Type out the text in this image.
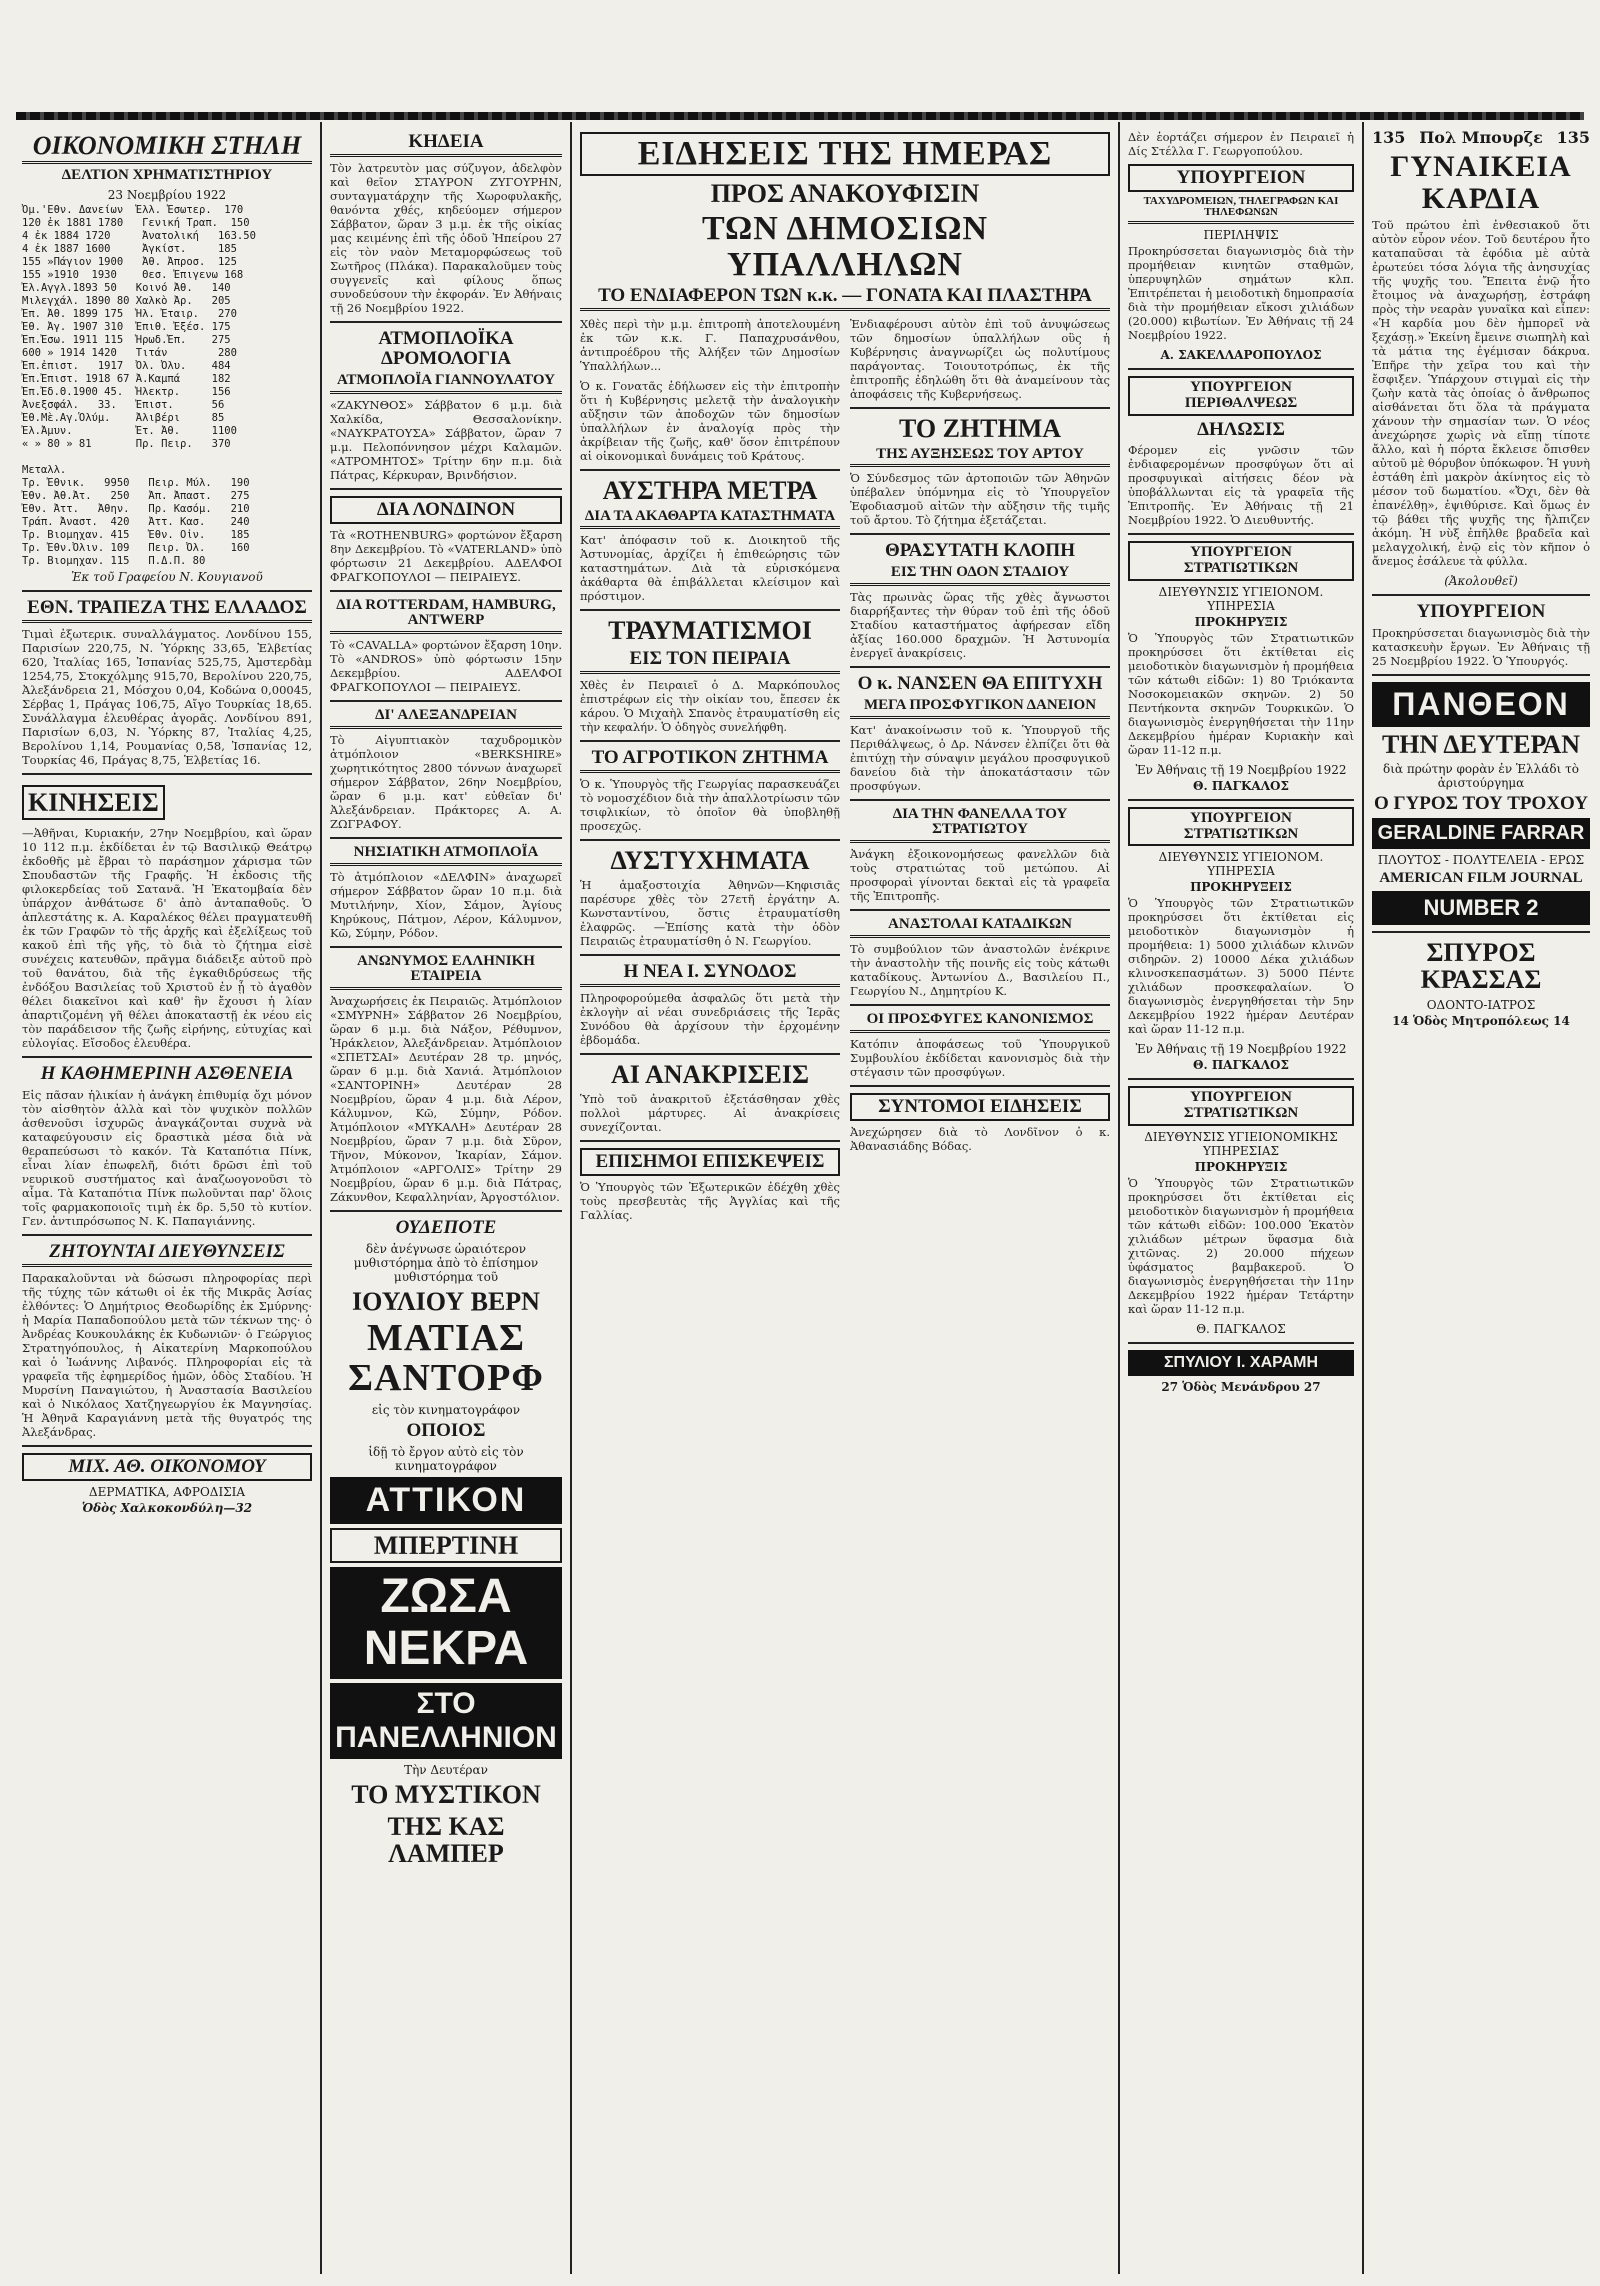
ΟΙΚΟΝΟΜΙΚΗ ΣΤΗΛΗ
ΔΕΛΤΙΟΝ ΧΡΗΜΑΤΙΣΤΗΡΙΟΥ
23 Νοεμβρίου 1922
Ὀμ.'Εθν. Δανείων  Ἑλλ. Ἐσωτερ.  170
120 ἐκ 1881 1780   Γενική Τραπ.  150
4 ἐκ 1884 1720     Ἀνατολική   163.50
4 ἐκ 1887 1600     Ἀγκίστ.     185
155 »Πάγιον 1900   Ἀθ. Ἀπροσ.  125
155 »1910  1930    Θεσ. Ἐπιγενω 168
Ἐλ.Αγγλ.1893 50   Κοινό Ἀθ.   140
Μιλεγχάλ. 1890 80 Χαλκὸ Ἀρ.   205
Ἐπ. Ἀθ. 1899 175  Ἡλ. Ἐταιρ.   270
Ἐθ. Ἀγ. 1907 310  Ἐπιθ. Ἐξέσ. 175
Ἐπ.Ἐσω. 1911 115  Ἡρωδ.Ἐπ.    275
600 » 1914 1420   Τιτάν        280
Ἐπ.ἐπιστ.   1917  Ὀλ. Ὀλυ.    484
Ἐπ.Ἐπιστ. 1918 67 Ἀ.Καμπά     182
Ἐπ.Ἐδ.Θ.1900 45.  Ἡλεκτρ.     156
Ἀνεξσφάλ.   33.   Ἐπιστ.      56
Ἐθ.Μὲ.Αγ.Ὁλύμ.    Ἀλιβέρι     85
Ἐλ.Ἀμυν.          Ἐτ. Ἀθ.     1100
« » 80 » 81       Πρ. Πειρ.   370

Μεταλλ.
Τρ. Ἐθνικ.   9950   Πειρ. Μύλ.   190
Ἐθν. Ἀθ.Ἀτ.   250   Ἀπ. Ἀπαστ.   275
Ἐθν. Ἀττ.   Ἀθην.   Πρ. Κασόμ.   210
Τράπ. Ἀναστ.  420   Ἀττ. Κασ.    240
Τρ. Βιομηχαν. 415   Ἐθν. Οἰν.    185
Τρ. Ἐθν.Ὀλιν. 109   Πειρ. Ὀλ.    160
Τρ. Βιομηχαν. 115   Π.Δ.Π. 80
Ἐκ τοῦ Γραφείου Ν. Κουγιανοῦ
ΕΘΝ. ΤΡΑΠΕΖΑ ΤΗΣ ΕΛΛΑΔΟΣ
Τιμαὶ ἐξωτερικ. συναλλάγματος. Λονδίνου 155, Παρισίων 220,75, Ν. Ὑόρκης 33,65, Ἑλβετίας 620, Ἰταλίας 165, Ἰσπανίας 525,75, Ἀμστερδὰμ 1254,75, Στοκχόλμης 915,70, Βερολίνου 220,75, Ἀλεξάνδρεια 21, Μόσχου 0,04, Κοδώνα 0,00045, Σέρβας 1, Πράγας 106,75, Αἴγο Τουρκίας 18,65. Συνάλλαγμα ἐλευθέρας ἀγορᾶς. Λονδίνου 891, Παρισίων 6,03, Ν. Ὑόρκης 87, Ἰταλίας 4,25, Βερολίνου 1,14, Ρουμανίας 0,58, Ἰσπανίας 12, Τουρκίας 46, Πράγας 8,75, Ἑλβετίας 16.
ΚΙΝΗΣΕΙΣ
—Ἀθῆναι, Κυριακήν, 27ην Νοεμβρίου, καὶ ὥραν 10 112 π.μ. ἐκδίδεται ἐν τῷ Βασιλικῷ Θεάτρῳ ἐκδοθῆς μὲ ἔβραι τὸ παράσημον χάρισμα τῶν Σπουδαστῶν τῆς Γραφῆς. Ἡ ἐκδοσις τῆς φιλοκερδείας τοῦ Σατανᾶ. Ἡ Ἐκατομβαία δὲν ὑπάρχον ἀνθάτωσε δ' ἀπὸ ἀνταπαθοῦς. Ὁ ἁπλεστάτης κ. Α. Καραλέκος θέλει πραγματευθῆ ἐκ τῶν Γραφῶν τὸ τῆς ἀρχῆς καὶ ἐξελίξεως τοῦ κακοῦ ἐπὶ τῆς γῆς, τὸ διὰ τὸ ζήτημα εἰσὲ συνέχεις κατευθῶν, πρᾶγμα διάδειξε αὐτοῦ πρὸ τοῦ θανάτου, διὰ τῆς ἐγκαθιδρύσεως τῆς ἐνδόξου Βασιλείας τοῦ Χριστοῦ ἐν ᾗ τὸ ἀγαθὸν θέλει διακεῖνοι καὶ καθ' ἣν ἔχουσι ἡ λίαν ἀπαρτιζομένη γῆ θέλει ἀποκαταστῇ ἐκ νέου εἰς τὸν παράδεισον τῆς ζωῆς εἰρήνης, εὐτυχίας καὶ εὐλογίας. Εἴσοδος ἐλευθέρα.
Η ΚΑΘΗΜΕΡΙΝΗ ΑΣΘΕΝΕΙΑ
Εἰς πᾶσαν ἡλικίαν ἡ ἀνάγκη ἐπιθυμίᾳ ὄχι μόνον τὸν αἰσθητὸν ἀλλὰ καὶ τὸν ψυχικὸν πολλῶν ἀσθενοῦσι ἰσχυρῶς ἀναγκάζονται συχνὰ νὰ καταφεύγουσιν εἰς δραστικὰ μέσα διὰ νὰ θεραπεύσωσι τὸ κακόν. Τὰ Καταπότια Πίνκ, εἶναι λίαν ἐπωφελῆ, διότι δρῶσι ἐπὶ τοῦ νευρικοῦ συστήματος καὶ ἀναζωογονοῦσι τὸ αἷμα. Τὰ Καταπότια Πίνκ πωλοῦνται παρ' ὅλοις τοῖς φαρμακοποιοῖς τιμὴ ἐκ δρ. 5,50 τὸ κυτίον. Γεν. ἀντιπρόσωπος Ν. Κ. Παπαγιάννης.
ΖΗΤΟΥΝΤΑΙ ΔΙΕΥΘΥΝΣΕΙΣ
Παρακαλοῦνται νὰ δώσωσι πληροφορίας περὶ τῆς τύχης τῶν κάτωθι οἱ ἐκ τῆς Μικρᾶς Ἀσίας ἐλθόντες: Ὁ Δημήτριος Θεοδωρίδης ἐκ Σμύρνης· ἡ Μαρία Παπαδοπούλου μετὰ τῶν τέκνων της· ὁ Ἀνδρέας Κουκουλάκης ἐκ Κυδωνιῶν· ὁ Γεώργιος Στρατηγόπουλος, ἡ Αἰκατερίνη Μαρκοπούλου καὶ ὁ Ἰωάννης Λιβανός. Πληροφορίαι εἰς τὰ γραφεῖα τῆς ἐφημερίδος ἡμῶν, ὁδὸς Σταδίου. Ἡ Μυρσίνη Παναγιώτου, ἡ Ἀναστασία Βασιλείου καὶ ὁ Νικόλαος Χατζηγεωργίου ἐκ Μαγνησίας. Ἡ Ἀθηνᾶ Καραγιάννη μετὰ τῆς θυγατρός της Ἀλεξάνδρας.
ΜΙΧ. ΑΘ. ΟΙΚΟΝΟΜΟΥ
ΔΕΡΜΑΤΙΚΑ, ΑΦΡΟΔΙΣΙΑ
Ὁδὸς Χαλκοκονδύλη—32
ΚΗΔΕΙΑ
Τὸν λατρευτὸν μας σύζυγον, ἀδελφὸν καὶ θεῖον ΣΤΑΥΡΟΝ ΖΥΓΟΥΡΗΝ, συνταγματάρχην τῆς Χωροφυλακῆς, θανόντα χθές, κηδεύομεν σήμερον Σάββατον, ὥραν 3 μ.μ. ἐκ τῆς οἰκίας μας κειμένης ἐπὶ τῆς ὁδοῦ Ἠπείρου 27 εἰς τὸν ναὸν Μεταμορφώσεως τοῦ Σωτῆρος (Πλάκα). Παρακαλοῦμεν τοὺς συγγενεῖς καὶ φίλους ὅπως συνοδεύσουν τὴν ἐκφοράν. Ἐν Ἀθήναις τῇ 26 Νοεμβρίου 1922.
ΑΤΜΟΠΛΟΪΚΑ ΔΡΟΜΟΛΟΓΙΑ
ΑΤΜΟΠΛΟΪΑ ΓΙΑΝΝΟΥΛΑΤΟΥ
«ΖΑΚΥΝΘΟΣ» Σάββατον 6 μ.μ. διὰ Χαλκίδα, Θεσσαλονίκην. «ΝΑΥΚΡΑΤΟΥΣΑ» Σάββατον, ὥραν 7 μ.μ. Πελοπόννησον μέχρι Καλαμῶν. «ΑΤΡΟΜΗΤΟΣ» Τρίτην 6ην π.μ. διὰ Πάτρας, Κέρκυραν, Βρινδήσιον.
ΔΙΑ ΛΟΝΔΙΝΟΝ
Τὰ «ROTHENBURG» φορτώνον ἔξαρση 8ην Δεκεμβρίου. Τὸ «VATERLAND» ὑπὸ φόρτωσιν 21 Δεκεμβρίου. ΑΔΕΛΦΟΙ ΦΡΑΓΚΟΠΟΥΛΟΙ — ΠΕΙΡΑΙΕΥΣ.
ΔΙΑ ROTTERDAM, HAMBURG, ANTWERP
Τὸ «CAVALLA» φορτώνον ἔξαρση 10ην. Τὸ «ANDROS» ὑπὸ φόρτωσιν 15ην Δεκεμβρίου. ΑΔΕΛΦΟΙ ΦΡΑΓΚΟΠΟΥΛΟΙ — ΠΕΙΡΑΙΕΥΣ.
ΔΙ' ΑΛΕΞΑΝΔΡΕΙΑΝ
Τὸ Αἰγυπτιακὸν ταχυδρομικὸν ἀτμόπλοιον «BERKSHIRE» χωρητικότητος 2800 τόννων ἀναχωρεῖ σήμερον Σάββατον, 26ην Νοεμβρίου, ὥραν 6 μ.μ. κατ' εὐθεῖαν δι' Ἀλεξάνδρειαν. Πράκτορες Α. Α. ΖΩΓΡΑΦΟΥ.
ΝΗΣΙΑΤΙΚΗ ΑΤΜΟΠΛΟΪΑ
Τὸ ἀτμόπλοιον «ΔΕΛΦΙΝ» ἀναχωρεῖ σήμερον Σάββατον ὥραν 10 π.μ. διὰ Μυτιλήνην, Χίον, Σάμον, Ἁγίους Κηρύκους, Πάτμον, Λέρον, Κάλυμνον, Κῶ, Σύμην, Ρόδον.
ΑΝΩΝΥΜΟΣ ΕΛΛΗΝΙΚΗ ΕΤΑΙΡΕΙΑ
Ἀναχωρήσεις ἐκ Πειραιῶς. Ἀτμόπλοιον «ΣΜΥΡΝΗ» Σάββατον 26 Νοεμβρίου, ὥραν 6 μ.μ. διὰ Νάξον, Ρέθυμνον, Ἡράκλειον, Ἀλεξάνδρειαν. Ἀτμόπλοιον «ΣΠΕΤΣΑΙ» Δευτέραν 28 τρ. μηνός, ὥραν 6 μ.μ. διὰ Χανιά. Ἀτμόπλοιον «ΣΑΝΤΟΡΙΝΗ» Δευτέραν 28 Νοεμβρίου, ὥραν 4 μ.μ. διὰ Λέρον, Κάλυμνον, Κῶ, Σύμην, Ρόδον. Ἀτμόπλοιον «ΜΥΚΑΛΗ» Δευτέραν 28 Νοεμβρίου, ὥραν 7 μ.μ. διὰ Σῦρον, Τῆνον, Μύκονον, Ἰκαρίαν, Σάμον. Ἀτμόπλοιον «ΑΡΓΟΛΙΣ» Τρίτην 29 Νοεμβρίου, ὥραν 6 μ.μ. διὰ Πάτρας, Ζάκυνθον, Κεφαλληνίαν, Ἀργοστόλιον.
ΟΥΔΕΠΟΤΕ
δὲν ἀνέγνωσε ὡραιότερον μυθιστόρημα ἀπὸ τὸ ἐπίσημον μυθιστόρημα τοῦ
ΙΟΥΛΙΟΥ ΒΕΡΝ
ΜΑΤΙΑΣ ΣΑΝΤΟΡΦ
εἰς τὸν κινηματογράφον
ΟΠΟΙΟΣ
ἰδῇ τὸ ἔργον αὐτὸ εἰς τὸν κινηματογράφον
ΑΤΤΙΚΟΝ
ΜΠΕΡΤΙΝΗ
ΖΩΣΑ ΝΕΚΡΑ
ΣΤΟ ΠΑΝΕΛΛΗΝΙΟΝ
Τὴν Δευτέραν
ΤΟ ΜΥΣΤΙΚΟΝ
ΤΗΣ ΚΑΣ ΛΑΜΠΕΡ
ΕΙΔΗΣΕΙΣ ΤΗΣ ΗΜΕΡΑΣ
ΠΡΟΣ ΑΝΑΚΟΥΦΙΣΙΝ
ΤΩΝ ΔΗΜΟΣΙΩΝ ΥΠΑΛΛΗΛΩΝ
ΤΟ ΕΝΔΙΑΦΕΡΟΝ ΤΩΝ κ.κ. — ΓΟΝΑΤΑ ΚΑΙ ΠΛΑΣΤΗΡΑ
Χθὲς περὶ τὴν μ.μ. ἐπιτροπὴ ἀποτελουμένη ἐκ τῶν κ.κ. Γ. Παπαχρυσάνθου, ἀντιπροέδρου τῆς Ἀλήξεν τῶν Δημοσίων Ὑπαλλήλων...
Ὁ κ. Γονατᾶς ἐδήλωσεν εἰς τὴν ἐπιτροπὴν ὅτι ἡ Κυβέρνησις μελετᾷ τὴν ἀναλογικὴν αὔξησιν τῶν ἀποδοχῶν τῶν δημοσίων ὑπαλλήλων ἐν ἀναλογίᾳ πρὸς τὴν ἀκρίβειαν τῆς ζωῆς, καθ' ὅσον ἐπιτρέπουν αἱ οἰκονομικαὶ δυνάμεις τοῦ Κράτους.
ΑΥΣΤΗΡΑ ΜΕΤΡΑ
ΔΙΑ ΤΑ ΑΚΑΘΑΡΤΑ ΚΑΤΑΣΤΗΜΑΤΑ
Κατ' ἀπόφασιν τοῦ κ. Διοικητοῦ τῆς Ἀστυνομίας, ἀρχίζει ἡ ἐπιθεώρησις τῶν καταστημάτων. Διὰ τὰ εὑρισκόμενα ἀκάθαρτα θὰ ἐπιβάλλεται κλείσιμον καὶ πρόστιμον.
ΤΡΑΥΜΑΤΙΣΜΟΙ
ΕΙΣ ΤΟΝ ΠΕΙΡΑΙΑ
Χθὲς ἐν Πειραιεῖ ὁ Δ. Μαρκόπουλος ἐπιστρέφων εἰς τὴν οἰκίαν του, ἔπεσεν ἐκ κάρου. Ὁ Μιχαὴλ Σπανὸς ἐτραυματίσθη εἰς τὴν κεφαλήν. Ὁ ὁδηγὸς συνελήφθη.
ΤΟ ΑΓΡΟΤΙΚΟΝ ΖΗΤΗΜΑ
Ὁ κ. Ὑπουργὸς τῆς Γεωργίας παρασκευάζει τὸ νομοσχέδιον διὰ τὴν ἀπαλλοτρίωσιν τῶν τσιφλικίων, τὸ ὁποῖον θὰ ὑποβληθῇ προσεχῶς.
ΔΥΣΤΥΧΗΜΑΤΑ
Ἡ ἁμαξοστοιχία Ἀθηνῶν—Κηφισιᾶς παρέσυρε χθὲς τὸν 27ετῆ ἐργάτην Α. Κωνσταντίνου, ὅστις ἐτραυματίσθη ἐλαφρῶς. —Ἐπίσης κατὰ τὴν ὁδὸν Πειραιῶς ἐτραυματίσθη ὁ Ν. Γεωργίου.
Η ΝΕΑ Ι. ΣΥΝΟΔΟΣ
Πληροφορούμεθα ἀσφαλῶς ὅτι μετὰ τὴν ἐκλογὴν αἱ νέαι συνεδριάσεις τῆς Ἱερᾶς Συνόδου θὰ ἀρχίσουν τὴν ἐρχομένην ἑβδομάδα.
ΑΙ ΑΝΑΚΡΙΣΕΙΣ
Ὑπὸ τοῦ ἀνακριτοῦ ἐξετάσθησαν χθὲς πολλοὶ μάρτυρες. Αἱ ἀνακρίσεις συνεχίζονται.
ΕΠΙΣΗΜΟΙ ΕΠΙΣΚΕΨΕΙΣ
Ὁ Ὑπουργὸς τῶν Ἐξωτερικῶν ἐδέχθη χθὲς τοὺς πρεσβευτὰς τῆς Ἀγγλίας καὶ τῆς Γαλλίας.
Ἐνδιαφέρουσι αὐτὸν ἐπὶ τοῦ ἀνυψώσεως τῶν δημοσίων ὑπαλλήλων οὓς ἡ Κυβέρνησις ἀναγνωρίζει ὡς πολυτίμους παράγοντας. Τοιουτοτρόπως, ἐκ τῆς ἐπιτροπῆς ἐδηλώθη ὅτι θὰ ἀναμείνουν τὰς ἀποφάσεις τῆς Κυβερνήσεως.
ΤΟ ΖΗΤΗΜΑ
ΤΗΣ ΑΥΞΗΣΕΩΣ ΤΟΥ ΑΡΤΟΥ
Ὁ Σύνδεσμος τῶν ἀρτοποιῶν τῶν Ἀθηνῶν ὑπέβαλεν ὑπόμνημα εἰς τὸ Ὑπουργεῖον Ἐφοδιασμοῦ αἰτῶν τὴν αὔξησιν τῆς τιμῆς τοῦ ἄρτου. Τὸ ζήτημα ἐξετάζεται.
ΘΡΑΣΥΤΑΤΗ ΚΛΟΠΗ
ΕΙΣ ΤΗΝ ΟΔΟΝ ΣΤΑΔΙΟΥ
Τὰς πρωινὰς ὥρας τῆς χθὲς ἄγνωστοι διαρρήξαντες τὴν θύραν τοῦ ἐπὶ τῆς ὁδοῦ Σταδίου καταστήματος ἀφήρεσαν εἴδη ἀξίας 160.000 δραχμῶν. Ἡ Ἀστυνομία ἐνεργεῖ ἀνακρίσεις.
Ο κ. ΝΑΝΣΕΝ ΘΑ ΕΠΙΤΥΧΗ
ΜΕΓΑ ΠΡΟΣΦΥΓΙΚΟΝ ΔΑΝΕΙΟΝ
Κατ' ἀνακοίνωσιν τοῦ κ. Ὑπουργοῦ τῆς Περιθάλψεως, ὁ Δρ. Νάνσεν ἐλπίζει ὅτι θὰ ἐπιτύχῃ τὴν σύναψιν μεγάλου προσφυγικοῦ δανείου διὰ τὴν ἀποκατάστασιν τῶν προσφύγων.
ΔΙΑ ΤΗΝ ΦΑΝΕΛΛΑ ΤΟΥ ΣΤΡΑΤΙΩΤΟΥ
Ἀνάγκη ἐξοικονομήσεως φανελλῶν διὰ τοὺς στρατιώτας τοῦ μετώπου. Αἱ προσφοραὶ γίνονται δεκταὶ εἰς τὰ γραφεῖα τῆς Ἐπιτροπῆς.
ΑΝΑΣΤΟΛΑΙ ΚΑΤΑΔΙΚΩΝ
Τὸ συμβούλιον τῶν ἀναστολῶν ἐνέκρινε τὴν ἀναστολὴν τῆς ποινῆς εἰς τοὺς κάτωθι καταδίκους. Ἀντωνίου Δ., Βασιλείου Π., Γεωργίου Ν., Δημητρίου Κ.
ΟΙ ΠΡΟΣΦΥΓΕΣ ΚΑΝΟΝΙΣΜΟΣ
Κατόπιν ἀποφάσεως τοῦ Ὑπουργικοῦ Συμβουλίου ἐκδίδεται κανονισμὸς διὰ τὴν στέγασιν τῶν προσφύγων.
ΣΥΝΤΟΜΟΙ ΕΙΔΗΣΕΙΣ
Ἀνεχώρησεν διὰ τὸ Λονδῖνον ὁ κ. Ἀθανασιάδης Βόδας.
Δὲν ἑορτάζει σήμερον ἐν Πειραιεῖ ἡ Δίς Στέλλα Γ. Γεωργοπούλου.
ΥΠΟΥΡΓΕΙΟΝ
ΤΑΧΥΔΡΟΜΕΙΩΝ, ΤΗΛΕΓΡΑΦΩΝ ΚΑΙ ΤΗΛΕΦΩΝΩΝ
ΠΕΡΙΛΗΨΙΣ
Προκηρύσσεται διαγωνισμὸς διὰ τὴν προμήθειαν κινητῶν σταθμῶν, ὑπερυψηλῶν σημάτων κλπ. Ἐπιτρέπεται ἡ μειοδοτικὴ δημοπρασία διὰ τὴν προμήθειαν εἴκοσι χιλιάδων (20.000) κιβωτίων. Ἐν Ἀθήναις τῇ 24 Νοεμβρίου 1922.
Α. ΣΑΚΕΛΛΑΡΟΠΟΥΛΟΣ
ΥΠΟΥΡΓΕΙΟΝ ΠΕΡΙΘΑΛΨΕΩΣ
ΔΗΛΩΣΙΣ
Φέρομεν εἰς γνῶσιν τῶν ἐνδιαφερομένων προσφύγων ὅτι αἱ προσφυγικαὶ αἰτήσεις δέον νὰ ὑποβάλλωνται εἰς τὰ γραφεῖα τῆς Ἐπιτροπῆς. Ἐν Ἀθήναις τῇ 21 Νοεμβρίου 1922. Ὁ Διευθυντής.
ΥΠΟΥΡΓΕΙΟΝ ΣΤΡΑΤΙΩΤΙΚΩΝ
ΔΙΕΥΘΥΝΣΙΣ ΥΓΙΕΙΟΝΟΜ. ΥΠΗΡΕΣΙΑ
ΠΡΟΚΗΡΥΞΙΣ
Ὁ Ὑπουργὸς τῶν Στρατιωτικῶν προκηρύσσει ὅτι ἐκτίθεται εἰς μειοδοτικὸν διαγωνισμὸν ἡ προμήθεια τῶν κάτωθι εἰδῶν: 1) 80 Τριόκαντα Νοσοκομειακῶν σκηνῶν. 2) 50 Πεντήκοντα σκηνῶν Τουρκικῶν. Ὁ διαγωνισμὸς ἐνεργηθήσεται τὴν 11ην Δεκεμβρίου ἡμέραν Κυριακὴν καὶ ὥραν 11-12 π.μ.
Ἐν Ἀθήναις τῇ 19 Νοεμβρίου 1922
Θ. ΠΑΓΚΑΛΟΣ
ΥΠΟΥΡΓΕΙΟΝ ΣΤΡΑΤΙΩΤΙΚΩΝ
ΔΙΕΥΘΥΝΣΙΣ ΥΓΙΕΙΟΝΟΜ. ΥΠΗΡΕΣΙΑ
ΠΡΟΚΗΡΥΞΕΙΣ
Ὁ Ὑπουργὸς τῶν Στρατιωτικῶν προκηρύσσει ὅτι ἐκτίθεται εἰς μειοδοτικὸν διαγωνισμὸν ἡ προμήθεια: 1) 5000 χιλιάδων κλινῶν σιδηρῶν. 2) 10000 Δέκα χιλιάδων κλινοσκεπασμάτων. 3) 5000 Πέντε χιλιάδων προσκεφαλαίων. Ὁ διαγωνισμὸς ἐνεργηθήσεται τὴν 5ην Δεκεμβρίου 1922 ἡμέραν Δευτέραν καὶ ὥραν 11-12 π.μ.
Ἐν Ἀθήναις τῇ 19 Νοεμβρίου 1922
Θ. ΠΑΓΚΑΛΟΣ
ΥΠΟΥΡΓΕΙΟΝ ΣΤΡΑΤΙΩΤΙΚΩΝ
ΔΙΕΥΘΥΝΣΙΣ ΥΓΙΕΙΟΝΟΜΙΚΗΣ ΥΠΗΡΕΣΙΑΣ
ΠΡΟΚΗΡΥΞΙΣ
Ὁ Ὑπουργὸς τῶν Στρατιωτικῶν προκηρύσσει ὅτι ἐκτίθεται εἰς μειοδοτικὸν διαγωνισμὸν ἡ προμήθεια τῶν κάτωθι εἰδῶν: 100.000 Ἑκατὸν χιλιάδων μέτρων ὕφασμα διὰ χιτῶνας. 2) 20.000 πήχεων ὑφάσματος βαμβακεροῦ. Ὁ διαγωνισμὸς ἐνεργηθήσεται τὴν 11ην Δεκεμβρίου 1922 ἡμέραν Τετάρτην καὶ ὥραν 11-12 π.μ.
Θ. ΠΑΓΚΑΛΟΣ
ΣΠΥΛΙΟΥ Ι. ΧΑΡΑΜΗ
27 Ὁδὸς Μενάνδρου 27
135 Πολ Μπουρζε 135
ΓΥΝΑΙΚΕΙΑ ΚΑΡΔΙΑ
Τοῦ πρώτου ἐπὶ ἐνθεσιακοῦ ὅτι αὐτὸν εὗρον νέον. Τοῦ δευτέρου ἦτο καταπαῦσαι τὰ ἐφόδια μὲ αὐτὰ ἐρωτεύει τόσα λόγια τῆς ἀνησυχίας τῆς ψυχῆς του. Ἔπειτα ἐνῷ ἦτο ἔτοιμος νὰ ἀναχωρήσῃ, ἐστράφη πρὸς τὴν νεαρὰν γυναῖκα καὶ εἶπεν: «Ἡ καρδία μου δὲν ἠμπορεῖ νὰ ξεχάσῃ.» Ἐκείνη ἔμεινε σιωπηλὴ καὶ τὰ μάτια της ἐγέμισαν δάκρυα. Ἐπῆρε τὴν χεῖρα του καὶ τὴν ἔσφιξεν. Ὑπάρχουν στιγμαὶ εἰς τὴν ζωὴν κατὰ τὰς ὁποίας ὁ ἄνθρωπος αἰσθάνεται ὅτι ὅλα τὰ πράγματα χάνουν τὴν σημασίαν των. Ὁ νέος ἀνεχώρησε χωρὶς νὰ εἴπῃ τίποτε ἄλλο, καὶ ἡ πόρτα ἔκλεισε ὄπισθεν αὐτοῦ μὲ θόρυβον ὑπόκωφον. Ἡ γυνὴ ἐστάθη ἐπὶ μακρὸν ἀκίνητος εἰς τὸ μέσον τοῦ δωματίου. «Ὄχι, δὲν θὰ ἐπανέλθῃ», ἐψιθύρισε. Καὶ ὅμως ἐν τῷ βάθει τῆς ψυχῆς της ἤλπιζεν ἀκόμη. Ἡ νὺξ ἐπῆλθε βραδεῖα καὶ μελαγχολική, ἐνῷ εἰς τὸν κῆπον ὁ ἄνεμος ἐσάλευε τὰ φύλλα.
(Ἀκολουθεῖ)
ΥΠΟΥΡΓΕΙΟΝ
Προκηρύσσεται διαγωνισμὸς διὰ τὴν κατασκευὴν ἔργων. Ἐν Ἀθήναις τῇ 25 Νοεμβρίου 1922. Ὁ Ὑπουργός.
ΠΑΝΘΕΟΝ
ΤΗΝ ΔΕΥΤΕΡΑΝ
διὰ πρώτην φορὰν ἐν Ἑλλάδι τὸ ἀριστούργημα
Ο ΓΥΡΟΣ ΤΟΥ ΤΡΟΧΟΥ
GERALDINE FARRAR
ΠΛΟΥΤΟΣ - ΠΟΛΥΤΕΛΕΙΑ - ΕΡΩΣ
AMERICAN FILM JOURNAL
NUMBER 2
ΣΠΥΡΟΣ ΚΡΑΣΣΑΣ
ΟΔΟΝΤΟ-ΙΑΤΡΟΣ
14 Ὁδὸς Μητροπόλεως 14
